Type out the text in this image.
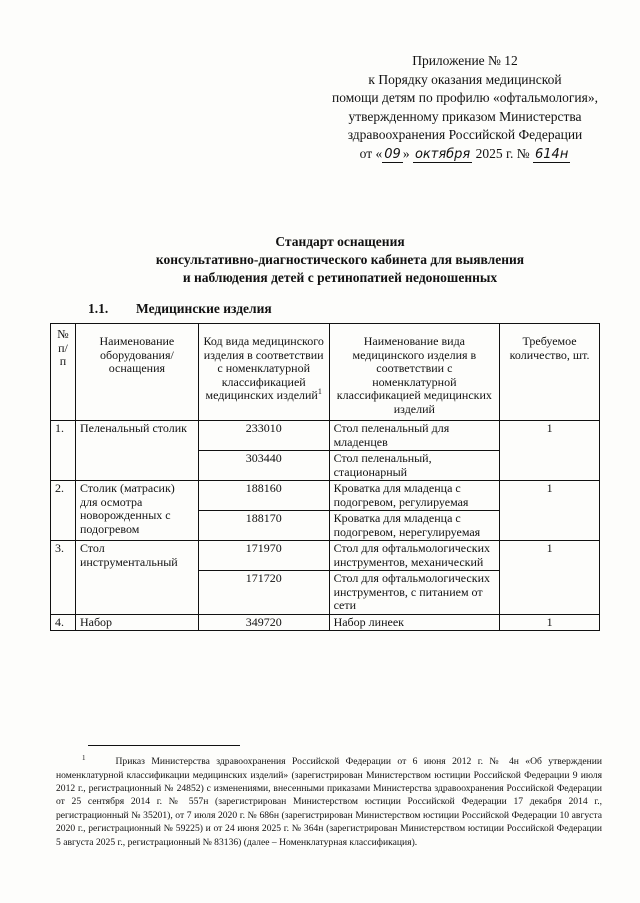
Приложение № 12
к Порядку оказания медицинской
помощи детям по профилю «офтальмология»,
утвержденному приказом Министерства
здравоохранения Российской Федерации
от « 09 » октября 2025 г. № 614н
Стандарт оснащения
консультативно-диагностического кабинета для выявления
и наблюдения детей с ретинопатией недоношенных
1.1. Медицинские изделия
№ п/п	Наименование оборудования/ оснащения	Код вида медицинского изделия в соответствии с номенклатурной классификацией медицинских изделий$^1$	Наименование вида медицинского изделия в соответствии с номенклатурной классификацией медицинских изделий	Требуемое количество, шт.
1.	Пеленальный столик	233010	Стол пеленальный для младенцев	1
		303440	Стол пеленальный, стационарный	
2.	Столик (матрасик) для осмотра новорожденных с подогревом	188160	Кроватка для младенца с подогревом, регулируемая	1
		188170	Кроватка для младенца с подогревом, нерегулируемая	
3.	Стол инструментальный	171970	Стол для офтальмологических инструментов, механический	1
		171720	Стол для офтальмологических инструментов, с питанием от сети	
4.	Набор	349720	Набор линеек	1
$^1$	Приказ Министерства здравоохранения Российской Федерации от 6 июня 2012 г. № 4н «Об утверждении номенклатурной классификации медицинских изделий» (зарегистрирован Министерством юстиции Российской Федерации 9 июля 2012 г., регистрационный № 24852) с изменениями, внесенными приказами Министерства здравоохранения Российской Федерации от 25 сентября 2014 г. № 557н (зарегистрирован Министерством юстиции Российской Федерации 17 декабря 2014 г., регистрационный № 35201), от 7 июля 2020 г. № 686н (зарегистрирован Министерством юстиции Российской Федерации 10 августа 2020 г., регистрационный № 59225) и от 24 июня 2025 г. № 364н (зарегистрирован Министерством юстиции Российской Федерации 5 августа 2025 г., регистрационный № 83136) (далее – Номенклатурная классификация).
